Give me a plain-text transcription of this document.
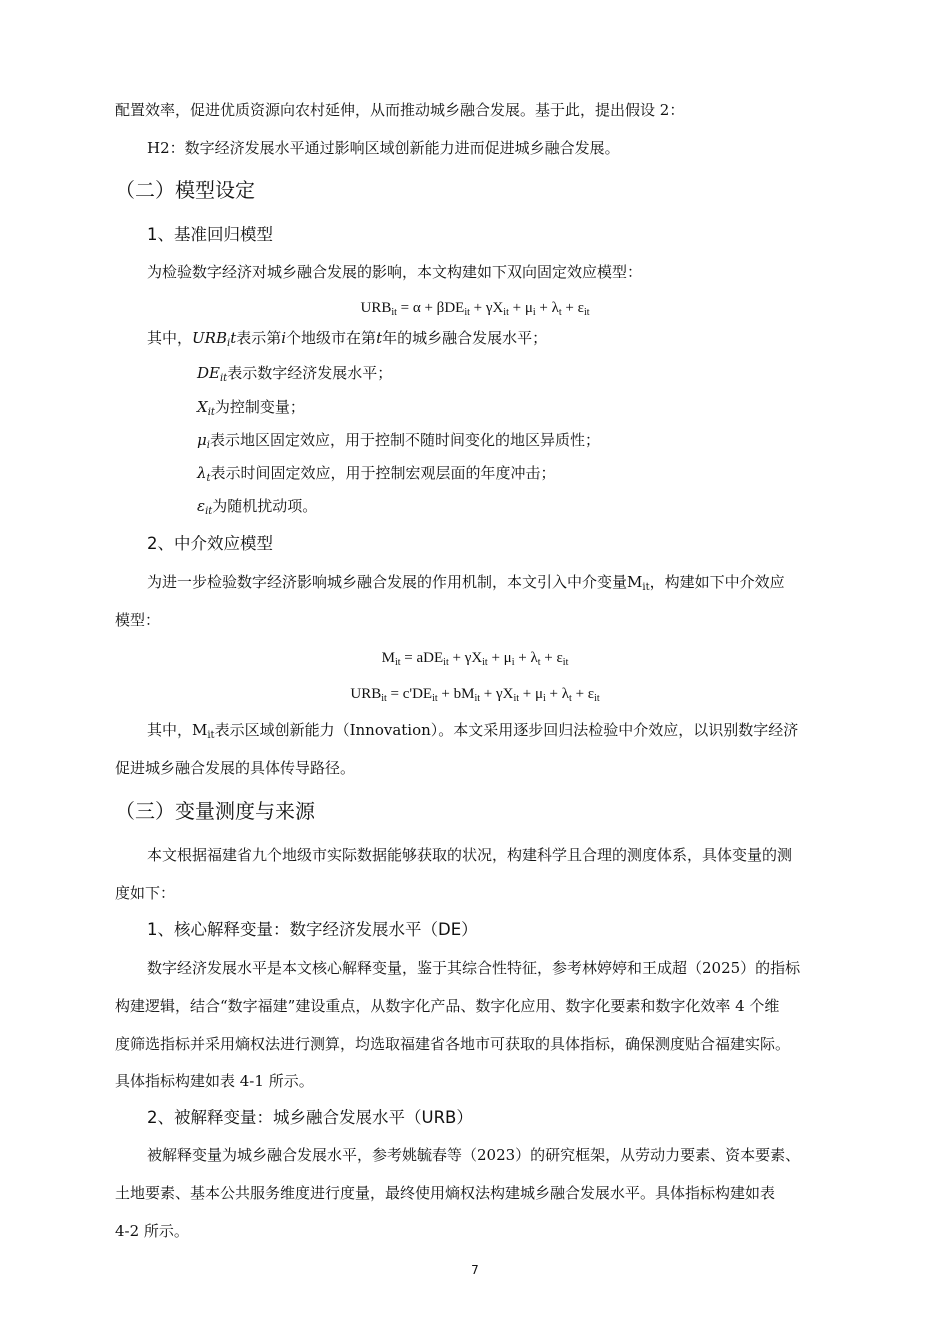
配置效率，促进优质资源向农村延伸，从而推动城乡融合发展。基于此，提出假设 2：
H2：数字经济发展水平通过影响区域创新能力进而促进城乡融合发展。
（二）模型设定
1、基准回归模型
为检验数字经济对城乡融合发展的影响，本文构建如下双向固定效应模型：
$URB_{it} = \alpha + \beta DE_{it} + \gamma X_{it} + \mu_i + \lambda_t + \varepsilon_{it}$
其中，$URB_it$表示第i个地级市在第t年的城乡融合发展水平；
$DE_{it}$表示数字经济发展水平；
$X_{it}$为控制变量；
$\mu_i$表示地区固定效应，用于控制不随时间变化的地区异质性；
$\lambda_t$表示时间固定效应，用于控制宏观层面的年度冲击；
$\varepsilon_{it}$为随机扰动项。
2、中介效应模型
为进一步检验数字经济影响城乡融合发展的作用机制，本文引入中介变量$M_{it}$，构建如下中介效应
模型：
$M_{it} = aDE_{it} + \gamma X_{it} + \mu_i + \lambda_t + \varepsilon_{it}$
$URB_{it} = c'DE_{it} + bM_{it} + \gamma X_{it} + \mu_i + \lambda_t + \varepsilon_{it}$
其中，$M_{it}$表示区域创新能力（Innovation）。本文采用逐步回归法检验中介效应，以识别数字经济
促进城乡融合发展的具体传导路径。
（三）变量测度与来源
本文根据福建省九个地级市实际数据能够获取的状况，构建科学且合理的测度体系，具体变量的测
度如下：
1、核心解释变量：数字经济发展水平（DE）
数字经济发展水平是本文核心解释变量，鉴于其综合性特征，参考林婷婷和王成超（2025）的指标
构建逻辑，结合“数字福建”建设重点，从数字化产品、数字化应用、数字化要素和数字化效率 4 个维
度筛选指标并采用熵权法进行测算，均选取福建省各地市可获取的具体指标，确保测度贴合福建实际。
具体指标构建如表 4-1 所示。
2、被解释变量：城乡融合发展水平（URB）
被解释变量为城乡融合发展水平，参考姚毓春等（2023）的研究框架，从劳动力要素、资本要素、
土地要素、基本公共服务维度进行度量，最终使用熵权法构建城乡融合发展水平。具体指标构建如表
4-2 所示。
7
